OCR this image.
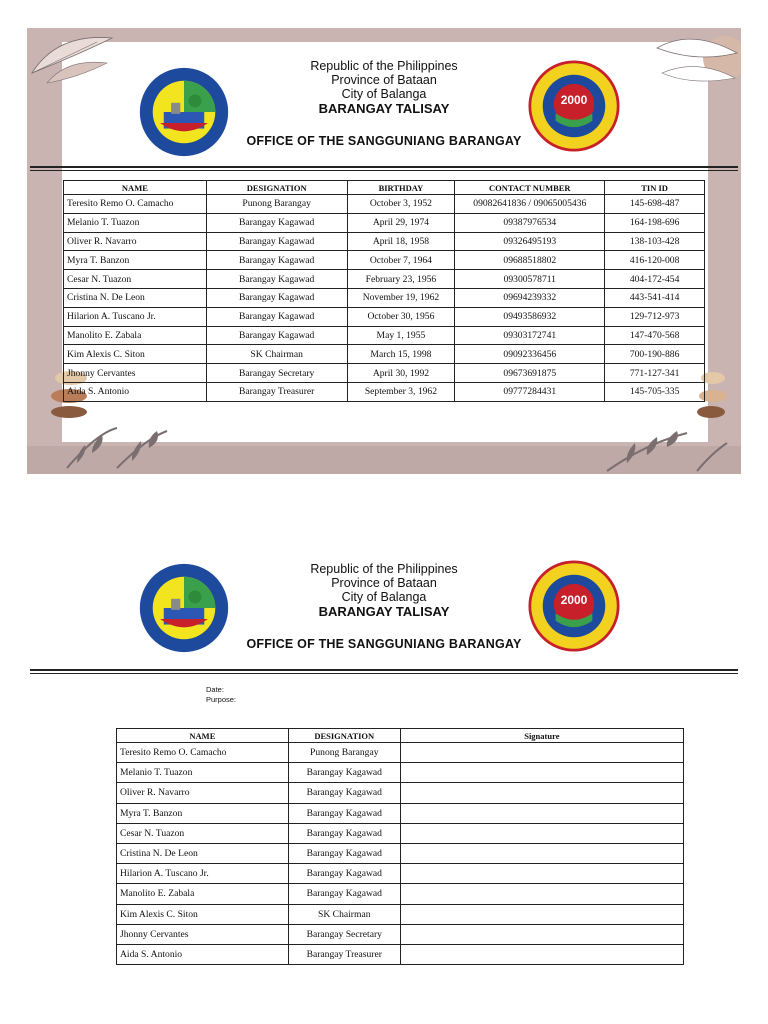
Republic of the Philippines
Province of Bataan
City of Balanga
BARANGAY TALISAY
OFFICE OF THE SANGGUNIANG BARANGAY
2000
NAME	DESIGNATION	BIRTHDAY	CONTACT NUMBER	TIN ID
Teresito Remo O. Camacho	Punong Barangay	October 3, 1952	09082641836 / 09065005436	145-698-487
Melanio T. Tuazon	Barangay Kagawad	April 29, 1974	09387976534	164-198-696
Oliver R. Navarro	Barangay Kagawad	April 18, 1958	09326495193	138-103-428
Myra T. Banzon	Barangay Kagawad	October 7, 1964	09688518802	416-120-008
Cesar N. Tuazon	Barangay Kagawad	February 23, 1956	09300578711	404-172-454
Cristina N. De Leon	Barangay Kagawad	November 19, 1962	09694239332	443-541-414
Hilarion A. Tuscano Jr.	Barangay Kagawad	October 30, 1956	09493586932	129-712-973
Manolito E. Zabala	Barangay Kagawad	May 1, 1955	09303172741	147-470-568
Kim Alexis C. Siton	SK Chairman	March 15, 1998	09092336456	700-190-886
Jhonny Cervantes	Barangay Secretary	April 30, 1992	09673691875	771-127-341
Aida S. Antonio	Barangay Treasurer	September 3, 1962	09777284431	145-705-335
Republic of the Philippines
Province of Bataan
City of Balanga
BARANGAY TALISAY
OFFICE OF THE SANGGUNIANG BARANGAY
2000
Date:
Purpose:
NAME	DESIGNATION	Signature
Teresito Remo O. Camacho	Punong Barangay	
Melanio T. Tuazon	Barangay Kagawad	
Oliver R. Navarro	Barangay Kagawad	
Myra T. Banzon	Barangay Kagawad	
Cesar N. Tuazon	Barangay Kagawad	
Cristina N. De Leon	Barangay Kagawad	
Hilarion A. Tuscano Jr.	Barangay Kagawad	
Manolito E. Zabala	Barangay Kagawad	
Kim Alexis C. Siton	SK Chairman	
Jhonny Cervantes	Barangay Secretary	
Aida S. Antonio	Barangay Treasurer	
